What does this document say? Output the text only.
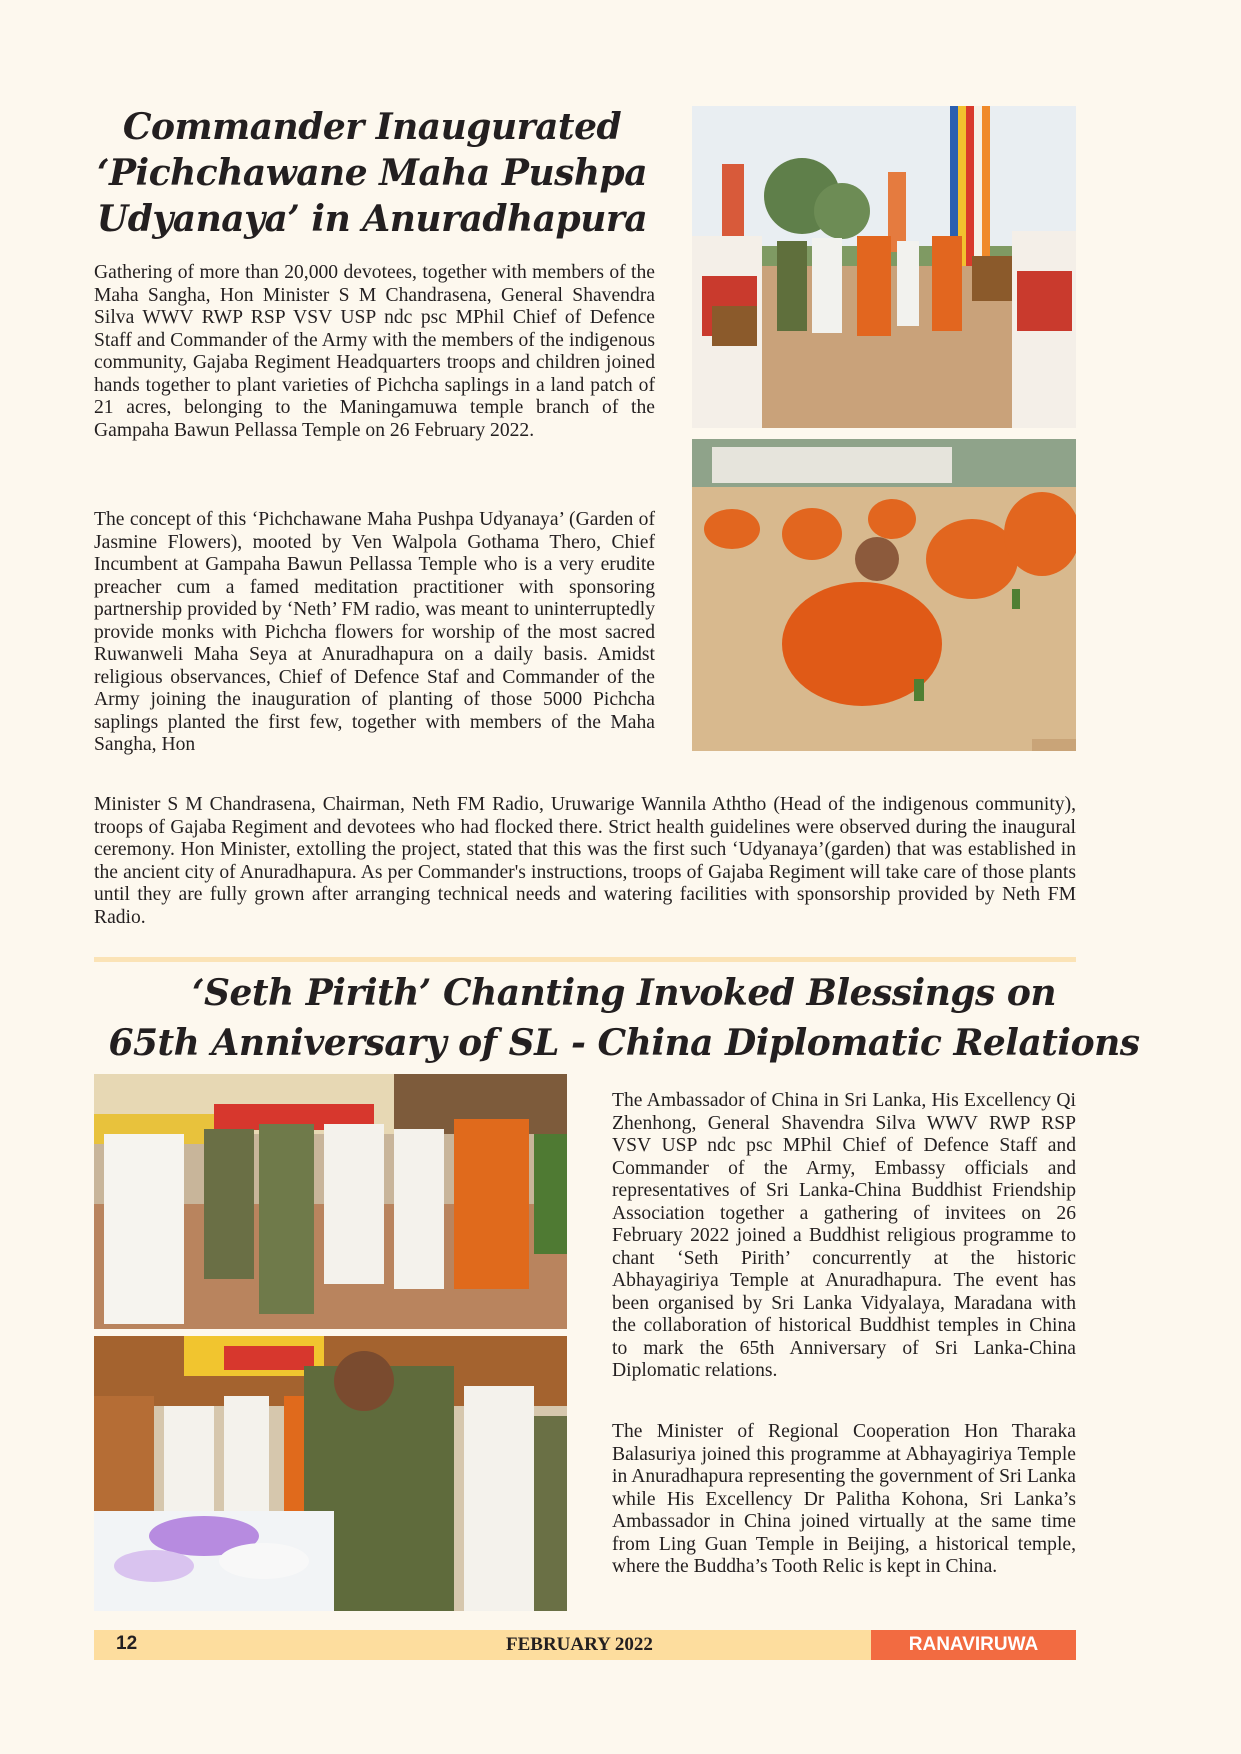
Commander Inaugurated
‘Pichchawane Maha Pushpa
Udyanaya’ in Anuradhapura

Gathering of more than 20,000 devotees, together with members of the Maha Sangha, Hon Minister S M Chandrasena, General Shavendra Silva WWV RWP RSP VSV USP ndc psc MPhil Chief of Defence Staff and Commander of the Army with the members of the indigenous community, Gajaba Regiment Headquarters troops and children joined hands together to plant varieties of Pichcha saplings in a land patch of 21 acres, belonging to the Maningamuwa temple branch of the Gampaha Bawun Pellassa Temple on 26 February 2022.

The concept of this ‘Pichchawane Maha Pushpa Udyanaya’ (Garden of Jasmine Flowers), mooted by Ven Walpola Gothama Thero, Chief Incumbent at Gampaha Bawun Pellassa Temple who is a very erudite preacher cum a famed meditation practitioner with sponsoring partnership provided by ‘Neth’ FM radio, was meant to uninterruptedly provide monks with Pichcha flowers for worship of the most sacred Ruwanweli Maha Seya at Anuradhapura on a daily basis. Amidst religious observances, Chief of Defence Staf and Commander of the Army joining the inauguration of planting of those 5000 Pichcha saplings planted the first few, together with members of the Maha Sangha, Hon

Minister S M Chandrasena, Chairman, Neth FM Radio, Uruwarige Wannila Aththo (Head of the indigenous community), troops of Gajaba Regiment and devotees who had flocked there. Strict health guidelines were observed during the inaugural ceremony. Hon Minister, extolling the project, stated that this was the first such ‘Udyanaya’(garden) that was established in the ancient city of Anuradhapura. As per Commander's instructions, troops of Gajaba Regiment will take care of those plants until they are fully grown after arranging technical needs and watering facilities with sponsorship provided by Neth FM Radio.

‘Seth Pirith’ Chanting Invoked Blessings on
65th Anniversary of SL - China Diplomatic Relations

The Ambassador of China in Sri Lanka, His Excellency Qi Zhenhong, General Shavendra Silva WWV RWP RSP VSV USP ndc psc MPhil Chief of Defence Staff and Commander of the Army, Embassy officials and representatives of Sri Lanka-China Buddhist Friendship Association together a gathering of invitees on 26 February 2022 joined a Buddhist religious programme to chant ‘Seth Pirith’ concurrently at the historic Abhayagiriya Temple at Anuradhapura. The event has been organised by Sri Lanka Vidyalaya, Maradana with the collaboration of historical Buddhist temples in China to mark the 65th Anniversary of Sri Lanka-China Diplomatic relations.

The Minister of Regional Cooperation Hon Tharaka Balasuriya joined this programme at Abhayagiriya Temple in Anuradhapura representing the government of Sri Lanka while His Excellency Dr Palitha Kohona, Sri Lanka’s Ambassador in China joined virtually at the same time from Ling Guan Temple in Beijing, a historical temple, where the Buddha’s Tooth Relic is kept in China.

12	FEBRUARY 2022	RANAVIRUWA
